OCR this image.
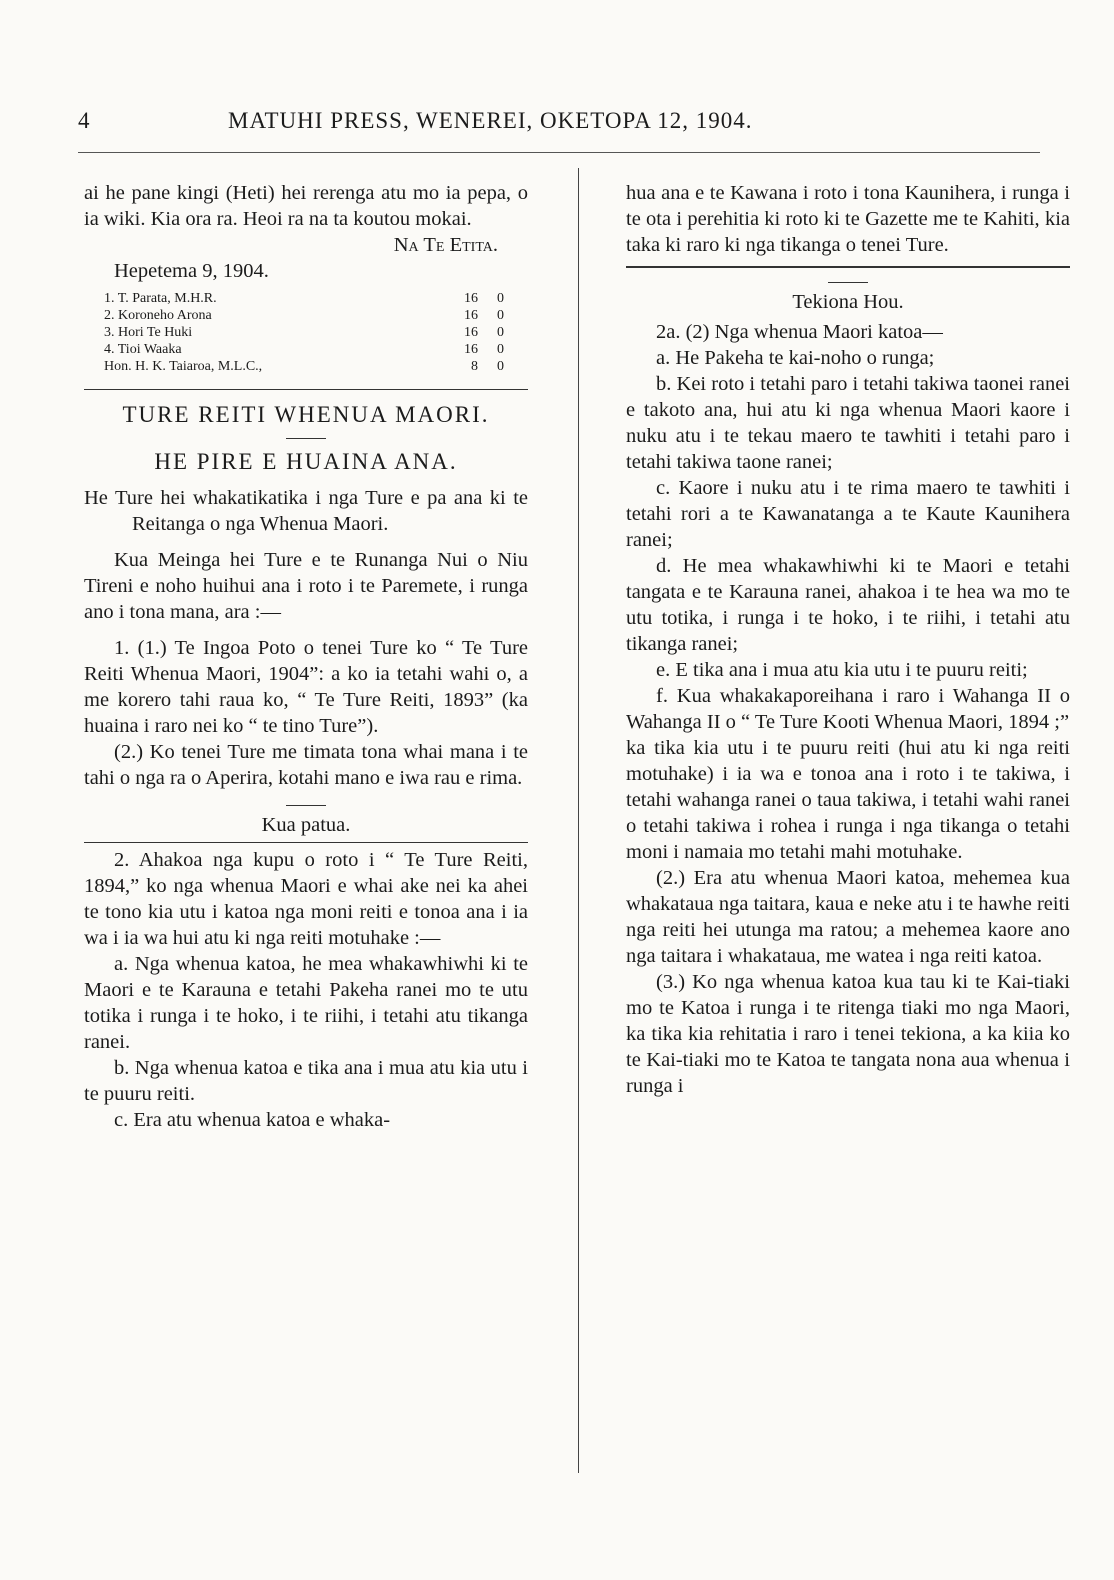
4	MATUHI PRESS, WENEREI, OKETOPA 12, 1904.

ai he pane kingi (Heti) hei rerenga atu mo ia pepa, o ia wiki. Kia ora ra. Heoi ra na ta koutou mokai.

Na Te Etita.

Hepetema 9, 1904.

1. T. Parata, M.H.R.	16	0
2. Koroneho Arona	16	0
3. Hori Te Huki	16	0
4. Tioi Waaka	16	0
Hon. H. K. Taiaroa, M.L.C.,	8	0

TURE REITI WHENUA MAORI.

HE PIRE E HUAINA ANA.

He Ture hei whakatikatika i nga Ture e pa ana ki te Reitanga o nga Whenua Maori.

Kua Meinga hei Ture e te Runanga Nui o Niu Tireni e noho huihui ana i roto i te Paremete, i runga ano i tona mana, ara :—

1. (1.) Te Ingoa Poto o tenei Ture ko “ Te Ture Reiti Whenua Maori, 1904”: a ko ia tetahi wahi o, a me korero tahi raua ko, “ Te Ture Reiti, 1893” (ka huaina i raro nei ko “ te tino Ture”).

(2.) Ko tenei Ture me timata tona whai mana i te tahi o nga ra o Aperira, kotahi mano e iwa rau e rima.

Kua patua.

2. Ahakoa nga kupu o roto i “ Te Ture Reiti, 1894,” ko nga whenua Maori e whai ake nei ka ahei te tono kia utu i katoa nga moni reiti e tonoa ana i ia wa i ia wa hui atu ki nga reiti motuhake :—

a. Nga whenua katoa, he mea whakawhiwhi ki te Maori e te Karauna e tetahi Pakeha ranei mo te utu totika i runga i te hoko, i te riihi, i tetahi atu tikanga ranei.

b. Nga whenua katoa e tika ana i mua atu kia utu i te puuru reiti.

c. Era atu whenua katoa e whaka-

hua ana e te Kawana i roto i tona Kaunihera, i runga i te ota i perehitia ki roto ki te Gazette me te Kahiti, kia taka ki raro ki nga tikanga o tenei Ture.

Tekiona Hou.

2a. (2) Nga whenua Maori katoa—

a. He Pakeha te kai-noho o runga;

b. Kei roto i tetahi paro i tetahi takiwa taonei ranei e takoto ana, hui atu ki nga whenua Maori kaore i nuku atu i te tekau maero te tawhiti i tetahi paro i tetahi takiwa taone ranei;

c. Kaore i nuku atu i te rima maero te tawhiti i tetahi rori a te Kawanatanga a te Kaute Kaunihera ranei;

d. He mea whakawhiwhi ki te Maori e tetahi tangata e te Karauna ranei, ahakoa i te hea wa mo te utu totika, i runga i te hoko, i te riihi, i tetahi atu tikanga ranei;

e. E tika ana i mua atu kia utu i te puuru reiti;

f. Kua whakakaporeihana i raro i Wahanga II o Wahanga II o “ Te Ture Kooti Whenua Maori, 1894 ;”

ka tika kia utu i te puuru reiti (hui atu ki nga reiti motuhake) i ia wa e tonoa ana i roto i te takiwa, i tetahi wahanga ranei o taua takiwa, i tetahi wahi ranei o tetahi takiwa i rohea i runga i nga tikanga o tetahi moni i namaia mo tetahi mahi motuhake.

(2.) Era atu whenua Maori katoa, mehemea kua whakataua nga taitara, kaua e neke atu i te hawhe reiti nga reiti hei utunga ma ratou; a mehemea kaore ano nga taitara i whakataua, me watea i nga reiti katoa.

(3.) Ko nga whenua katoa kua tau ki te Kai-tiaki mo te Katoa i runga i te ritenga tiaki mo nga Maori, ka tika kia rehitatia i raro i tenei tekiona, a ka kiia ko te Kai-tiaki mo te Katoa te tangata nona aua whenua i runga i
